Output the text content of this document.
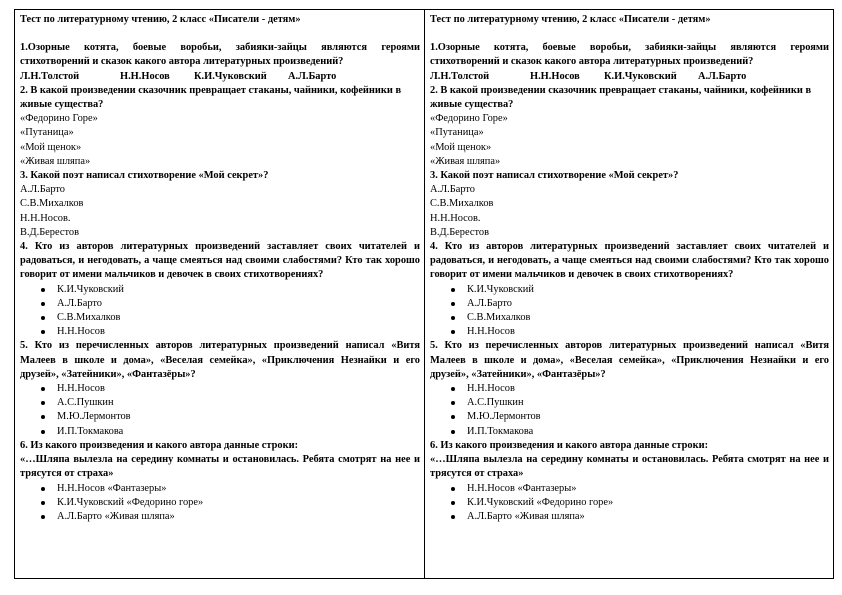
Тест по литературному чтению, 2 класс «Писатели - детям»
1.Озорные котята, боевые воробьи, забияки-зайцы являются героями стихотворений и сказок какого автора литературных произведений?
Л.Н.Толстой	Н.Н.Носов	К.И.Чуковский	А.Л.Барто
2. В какой произведении сказочник превращает стаканы, чайники, кофейники в живые существа?
«Федорино Горе»
«Путаница»
«Мой щенок»
«Живая шляпа»
3. Какой поэт написал стихотворение «Мой секрет»?
А.Л.Барто
С.В.Михалков
Н.Н.Носов.
В.Д.Берестов
4. Кто из авторов литературных произведений заставляет своих читателей и радоваться, и негодовать, а чаще смеяться над своими слабостями? Кто так хорошо говорит от имени мальчиков и девочек в своих стихотворениях?
К.И.Чуковский
А.Л.Барто
С.В.Михалков
Н.Н.Носов
5. Кто из перечисленных авторов литературных произведений написал «Витя Малеев в школе и дома», «Веселая семейка», «Приключения Незнайки и его друзей», «Затейники», «Фантазёры»?
Н.Н.Носов
А.С.Пушкин
М.Ю.Лермонтов
И.П.Токмакова
6. Из какого произведения и какого автора данные строки:
«…Шляпа вылезла на середину комнаты и остановилась. Ребята смотрят на нее и трясутся от страха»
Н.Н.Носов «Фантазеры»
К.И.Чуковский «Федорино горе»
А.Л.Барто «Живая шляпа»
Тест по литературному чтению, 2 класс «Писатели - детям»
1.Озорные котята, боевые воробьи, забияки-зайцы являются героями стихотворений и сказок какого автора литературных произведений?
Л.Н.Толстой	Н.Н.Носов	К.И.Чуковский	А.Л.Барто
2. В какой произведении сказочник превращает стаканы, чайники, кофейники в живые существа?
«Федорино Горе»
«Путаница»
«Мой щенок»
«Живая шляпа»
3. Какой поэт написал стихотворение «Мой секрет»?
А.Л.Барто
С.В.Михалков
Н.Н.Носов.
В.Д.Берестов
4. Кто из авторов литературных произведений заставляет своих читателей и радоваться, и негодовать, а чаще смеяться над своими слабостями? Кто так хорошо говорит от имени мальчиков и девочек в своих стихотворениях?
К.И.Чуковский
А.Л.Барто
С.В.Михалков
Н.Н.Носов
5. Кто из перечисленных авторов литературных произведений написал «Витя Малеев в школе и дома», «Веселая семейка», «Приключения Незнайки и его друзей», «Затейники», «Фантазёры»?
Н.Н.Носов
А.С.Пушкин
М.Ю.Лермонтов
И.П.Токмакова
6. Из какого произведения и какого автора данные строки:
«…Шляпа вылезла на середину комнаты и остановилась. Ребята смотрят на нее и трясутся от страха»
Н.Н.Носов «Фантазеры»
К.И.Чуковский «Федорино горе»
А.Л.Барто «Живая шляпа»
